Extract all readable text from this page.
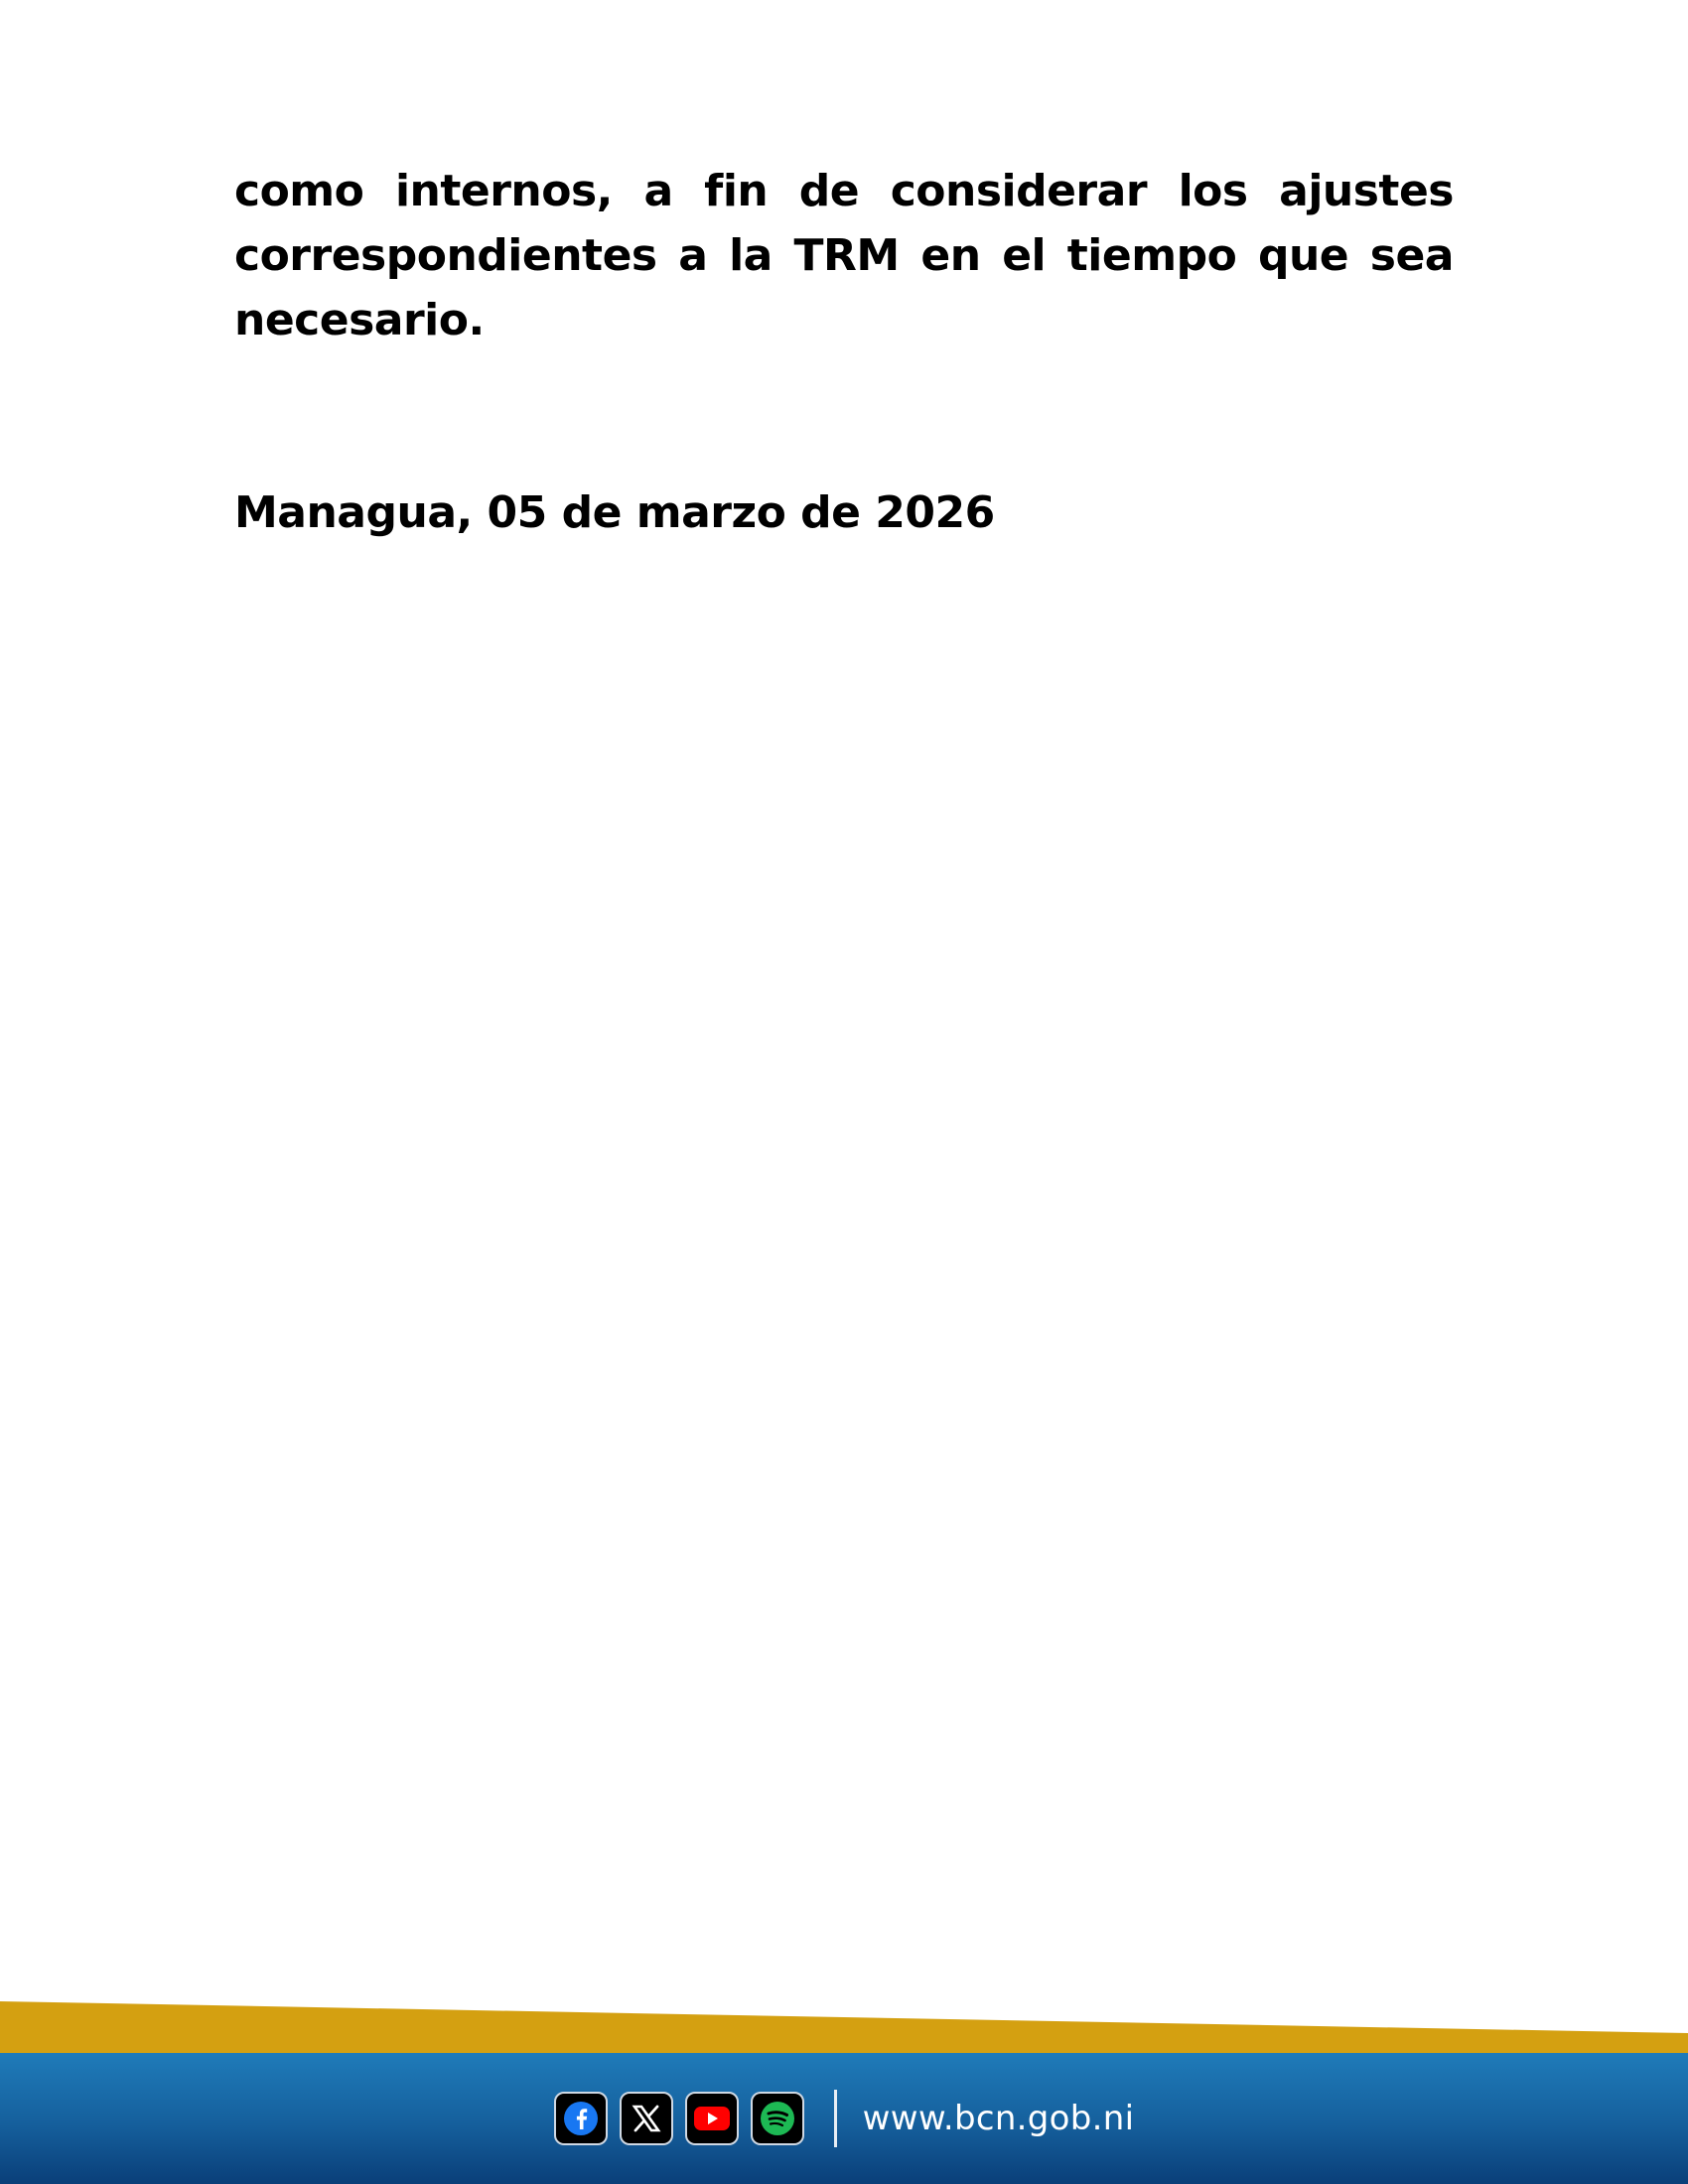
como internos, a fin de considerar los ajustes correspondientes a la TRM en el tiempo que sea necesario.

Managua, 05 de marzo de 2026

www.bcn.gob.ni
